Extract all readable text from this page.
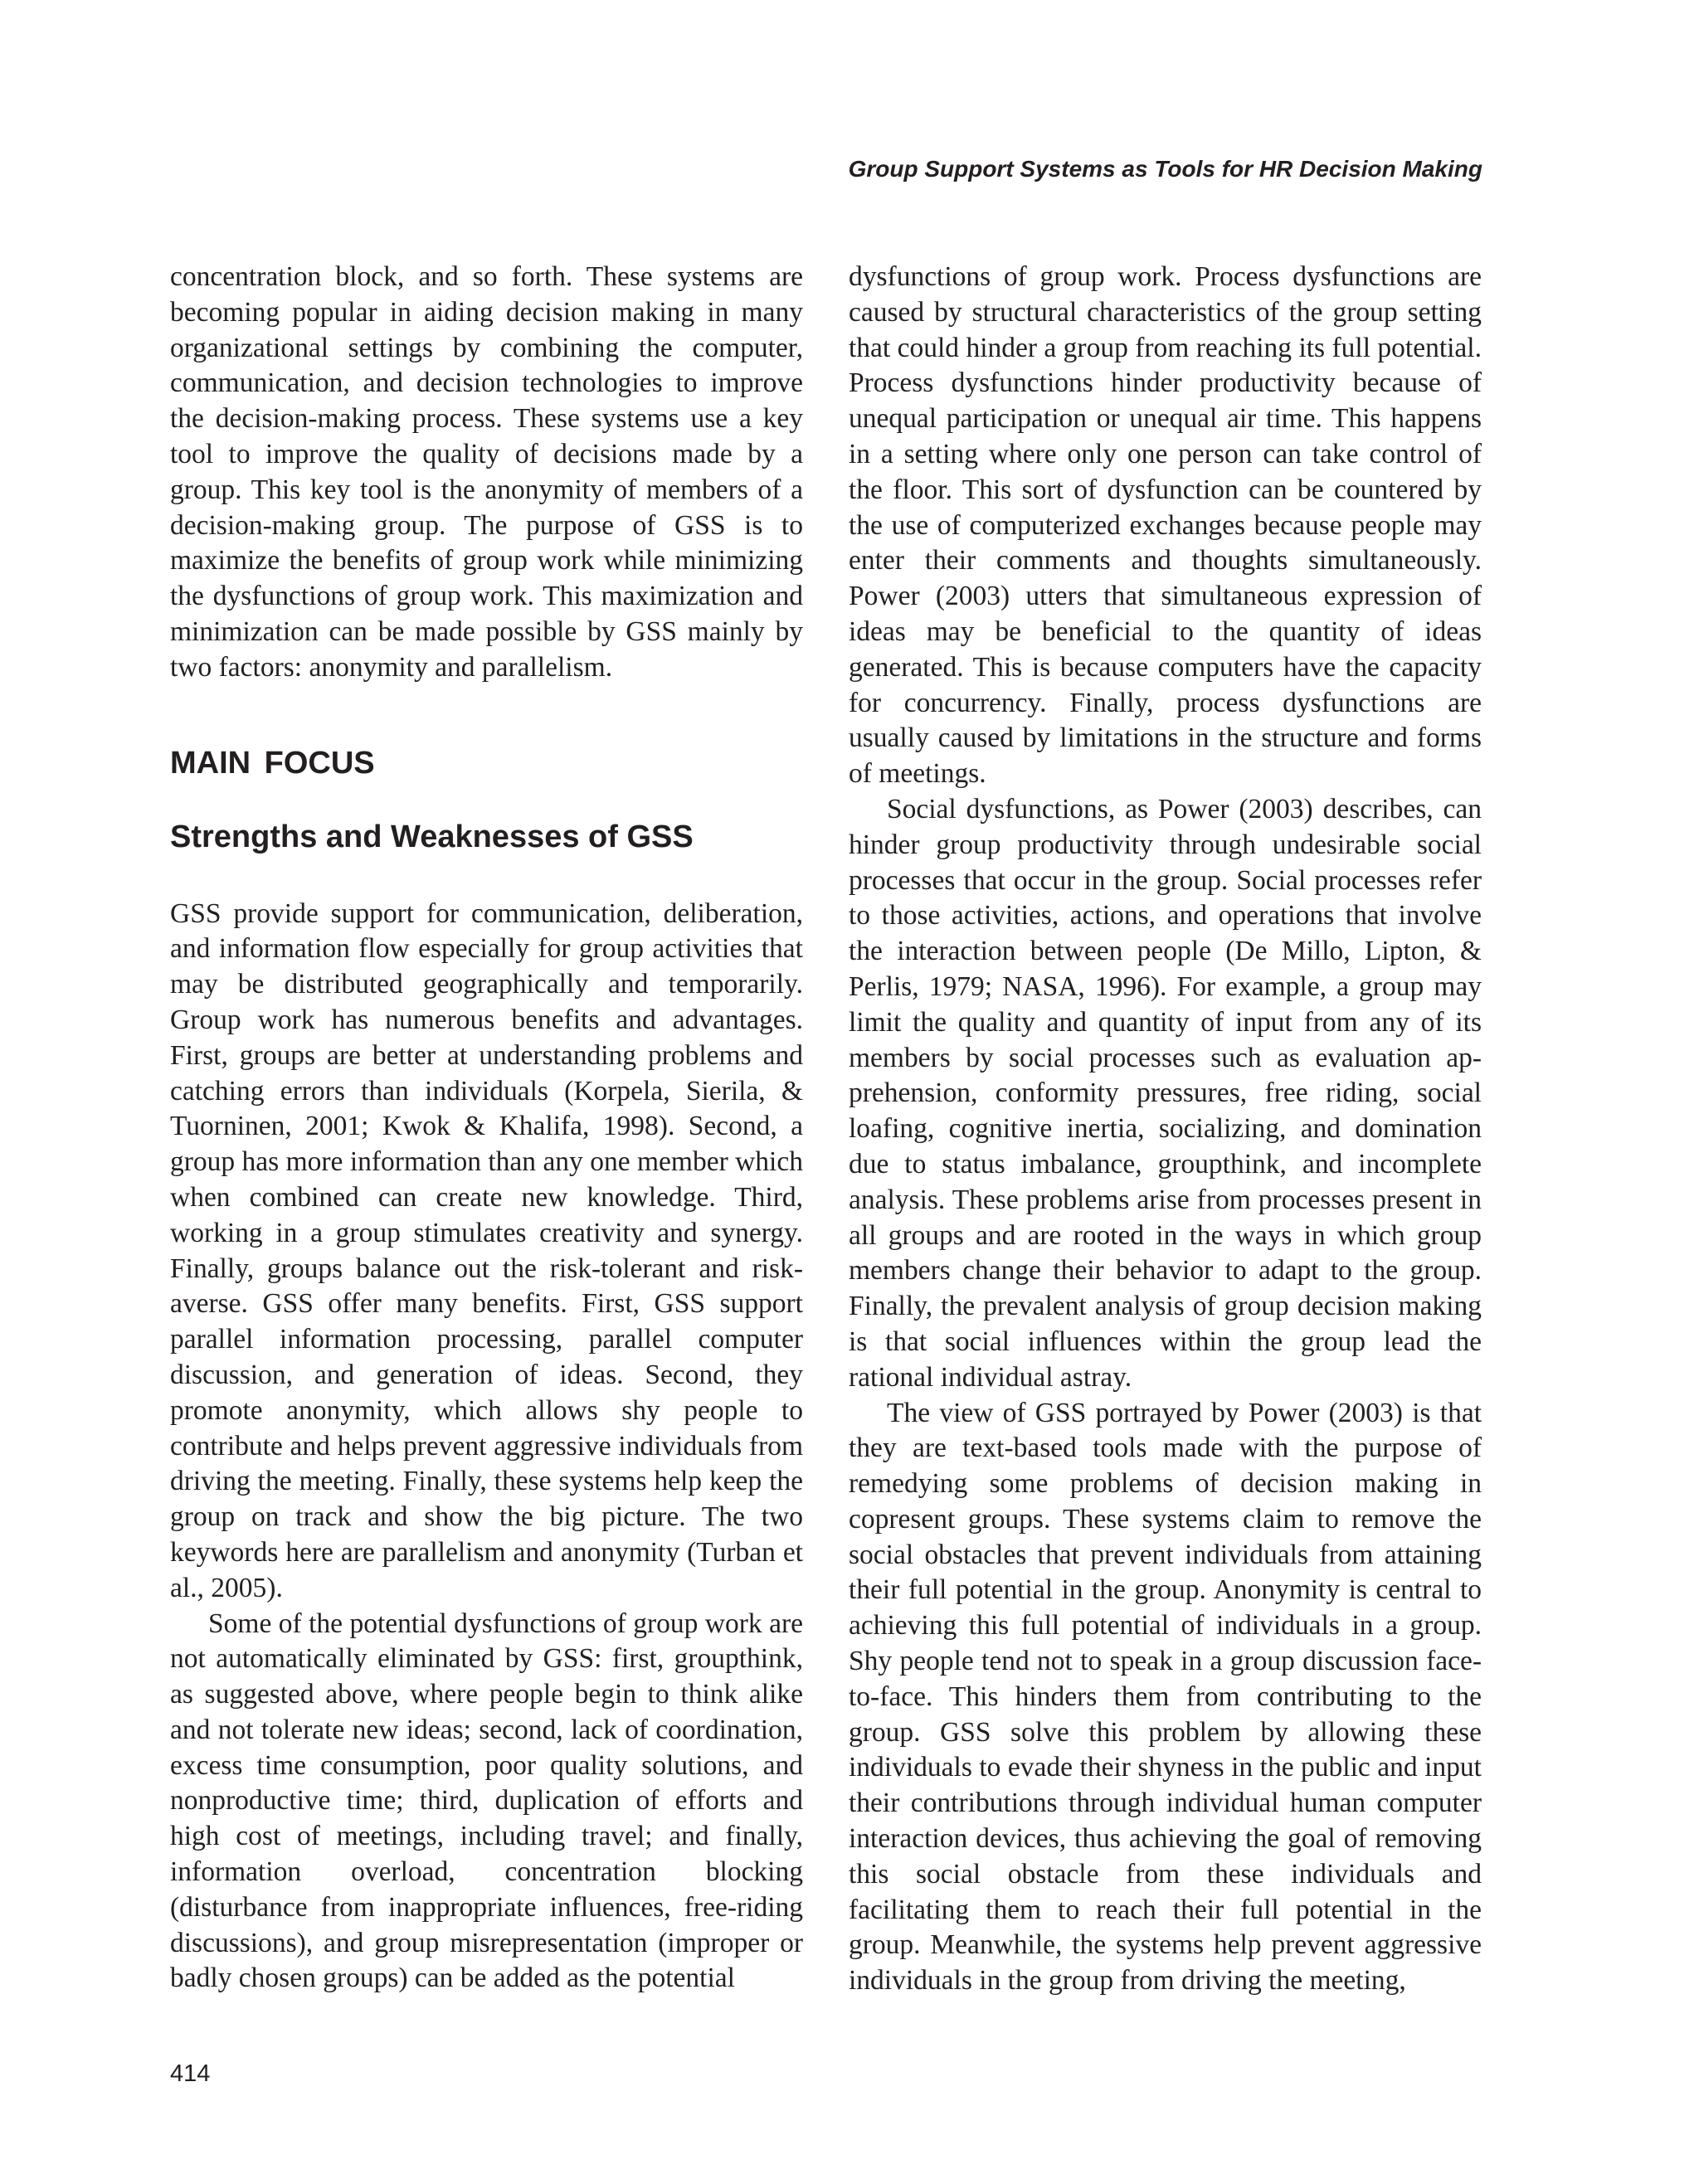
Group Support Systems as Tools for HR Decision Making

concentration block, and so forth. These systems are becoming popular in aiding decision making in many organizational settings by combining the computer, communication, and decision technologies to improve the decision-making process. These systems use a key tool to improve the quality of decisions made by a group. This key tool is the anonymity of members of a decision-making group. The purpose of GSS is to maximize the benefits of group work while minimizing the dysfunctions of group work. This maximization and minimization can be made possible by GSS mainly by two factors: anonymity and parallelism.

MAIN FOCUS
Strengths and Weaknesses of GSS

GSS provide support for communication, deliberation, and information flow especially for group activities that may be distributed geographically and temporarily. Group work has numerous benefits and advantages. First, groups are better at understanding problems and catching errors than individuals (Korpela, Sierila, & Tuorninen, 2001; Kwok & Khalifa, 1998). Second, a group has more information than any one member which when combined can create new knowledge. Third, working in a group stimulates creativity and synergy. Finally, groups balance out the risk-tolerant and risk-averse. GSS offer many benefits. First, GSS support parallel information processing, parallel computer discussion, and generation of ideas. Second, they promote anonymity, which allows shy people to contribute and helps prevent aggressive individuals from driving the meeting. Finally, these systems help keep the group on track and show the big picture. The two keywords here are parallelism and anonymity (Turban et al., 2005).

Some of the potential dysfunctions of group work are not automatically eliminated by GSS: first, groupthink, as suggested above, where people begin to think alike and not tolerate new ideas; second, lack of coordination, excess time consumption, poor quality solutions, and nonproductive time; third, duplication of efforts and high cost of meetings, including travel; and finally, information overload, concentration blocking (disturbance from inappropriate influences, free-riding discussions), and group misrepresentation (improper or badly chosen groups) can be added as the potential

dysfunctions of group work. Process dysfunctions are caused by structural characteristics of the group setting that could hinder a group from reaching its full potential. Process dysfunctions hinder productivity because of unequal participation or unequal air time. This happens in a setting where only one person can take control of the floor. This sort of dysfunction can be countered by the use of computerized exchanges because people may enter their comments and thoughts simultaneously. Power (2003) utters that simultaneous expression of ideas may be beneficial to the quantity of ideas generated. This is because computers have the capacity for concurrency. Finally, process dysfunctions are usually caused by limitations in the structure and forms of meetings.

Social dysfunctions, as Power (2003) describes, can hinder group productivity through undesirable social processes that occur in the group. Social processes refer to those activities, actions, and operations that involve the interaction between people (De Millo, Lipton, & Perlis, 1979; NASA, 1996). For example, a group may limit the quality and quantity of input from any of its members by social processes such as evaluation apprehension, conformity pressures, free riding, social loafing, cognitive inertia, socializing, and domination due to status imbalance, groupthink, and incomplete analysis. These problems arise from processes present in all groups and are rooted in the ways in which group members change their behavior to adapt to the group. Finally, the prevalent analysis of group decision making is that social influences within the group lead the rational individual astray.

The view of GSS portrayed by Power (2003) is that they are text-based tools made with the purpose of remedying some problems of decision making in copresent groups. These systems claim to remove the social obstacles that prevent individuals from attaining their full potential in the group. Anonymity is central to achieving this full potential of individuals in a group. Shy people tend not to speak in a group discussion face-to-face. This hinders them from contributing to the group. GSS solve this problem by allowing these individuals to evade their shyness in the public and input their contributions through individual human computer interaction devices, thus achieving the goal of removing this social obstacle from these individuals and facilitating them to reach their full potential in the group. Meanwhile, the systems help prevent aggressive individuals in the group from driving the meeting,

414
